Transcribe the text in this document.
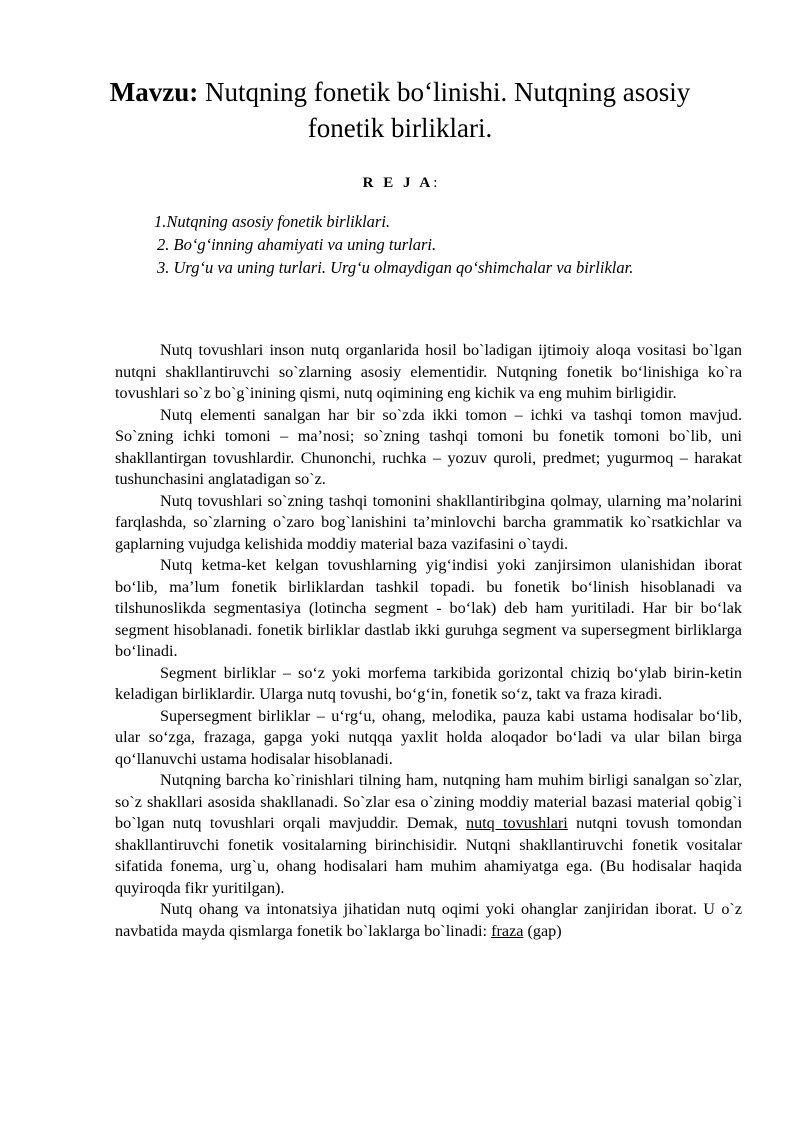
Mavzu: Nutqning fonetik bo‘linishi. Nutqning asosiy fonetik birliklari.
R E J A:
1.Nutqning asosiy fonetik birliklari.
2. Bo‘g‘inning ahamiyati va uning turlari.
3. Urg‘u va uning turlari. Urg‘u olmaydigan qo‘shimchalar va birliklar.

Nutq tovushlari inson nutq organlarida hosil bo`ladigan ijtimoiy aloqa vositasi bo`lgan nutqni shakllantiruvchi so`zlarning asosiy elementidir. Nutqning fonetik bo‘linishiga ko`ra tovushlari so`z bo`g`inining qismi, nutq oqimining eng kichik va eng muhim birligidir.

Nutq elementi sanalgan har bir so`zda ikki tomon – ichki va tashqi tomon mavjud. So`zning ichki tomoni – ma’nosi; so`zning tashqi tomoni bu fonetik tomoni bo`lib, uni shakllantirgan tovushlardir. Chunonchi, ruchka – yozuv quroli, predmet; yugurmoq – harakat tushunchasini anglatadigan so`z.

Nutq tovushlari so`zning tashqi tomonini shakllantiribgina qolmay, ularning ma’nolarini farqlashda, so`zlarning o`zaro bog`lanishini ta’minlovchi barcha grammatik ko`rsatkichlar va gaplarning vujudga kelishida moddiy material baza vazifasini o`taydi.

Nutq ketma-ket kelgan tovushlarning yig‘indisi yoki zanjirsimon ulanishidan iborat bo‘lib, ma’lum fonetik birliklardan tashkil topadi. bu fonetik bo‘linish hisoblanadi va tilshunoslikda segmentasiya (lotincha segment - bo‘lak) deb ham yuritiladi. Har bir bo‘lak segment hisoblanadi. fonetik birliklar dastlab ikki guruhga segment va supersegment birliklarga bo‘linadi.

Segment birliklar – so‘z yoki morfema tarkibida gorizontal chiziq bo‘ylab birin-ketin keladigan birliklardir. Ularga nutq tovushi, bo‘g‘in, fonetik so‘z, takt va fraza kiradi.

Supersegment birliklar – u‘rg‘u, ohang, melodika, pauza kabi ustama hodisalar bo‘lib, ular so‘zga, frazaga, gapga yoki nutqqa yaxlit holda aloqador bo‘ladi va ular bilan birga qo‘llanuvchi ustama hodisalar hisoblanadi.

Nutqning barcha ko`rinishlari tilning ham, nutqning ham muhim birligi sanalgan so`zlar, so`z shakllari asosida shakllanadi. So`zlar esa o`zining moddiy material bazasi material qobig`i bo`lgan nutq tovushlari orqali mavjuddir. Demak, nutq tovushlari nutqni tovush tomondan shakllantiruvchi fonetik vositalarning birinchisidir. Nutqni shakllantiruvchi fonetik vositalar sifatida fonema, urg`u, ohang hodisalari ham muhim ahamiyatga ega. (Bu hodisalar haqida quyiroqda fikr yuritilgan).

Nutq ohang va intonatsiya jihatidan nutq oqimi yoki ohanglar zanjiridan iborat. U o`z navbatida mayda qismlarga fonetik bo`laklarga bo`linadi: fraza (gap)
